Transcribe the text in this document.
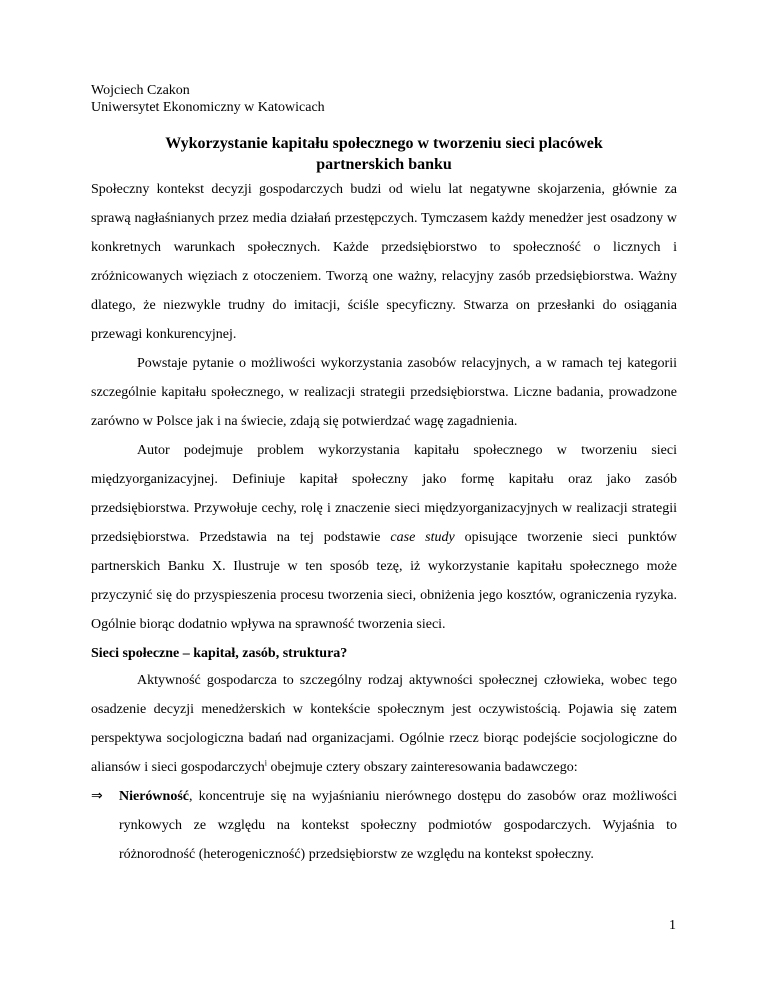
Wojciech Czakon
Uniwersytet Ekonomiczny w Katowicach
Wykorzystanie kapitału społecznego w tworzeniu sieci placówek
partnerskich banku

Społeczny kontekst decyzji gospodarczych budzi od wielu lat negatywne skojarzenia, głównie za sprawą nagłaśnianych przez media działań przestępczych. Tymczasem każdy menedżer jest osadzony w konkretnych warunkach społecznych. Każde przedsiębiorstwo to społeczność o licznych i zróżnicowanych więziach z otoczeniem. Tworzą one ważny, relacyjny zasób przedsiębiorstwa. Ważny dlatego, że niezwykle trudny do imitacji, ściśle specyficzny. Stwarza on przesłanki do osiągania przewagi konkurencyjnej.

Powstaje pytanie o możliwości wykorzystania zasobów relacyjnych, a w ramach tej kategorii szczególnie kapitału społecznego, w realizacji strategii przedsiębiorstwa. Liczne badania, prowadzone zarówno w Polsce jak i na świecie, zdają się potwierdzać wagę zagadnienia.

Autor podejmuje problem wykorzystania kapitału społecznego w tworzeniu sieci międzyorganizacyjnej. Definiuje kapitał społeczny jako formę kapitału oraz jako zasób przedsiębiorstwa. Przywołuje cechy, rolę i znaczenie sieci międzyorganizacyjnych w realizacji strategii przedsiębiorstwa. Przedstawia na tej podstawie case study opisujące tworzenie sieci punktów partnerskich Banku X. Ilustruje w ten sposób tezę, iż wykorzystanie kapitału społecznego może przyczynić się do przyspieszenia procesu tworzenia sieci, obniżenia jego kosztów, ograniczenia ryzyka. Ogólnie biorąc dodatnio wpływa na sprawność tworzenia sieci.

Sieci społeczne – kapitał, zasób, struktura?

Aktywność gospodarcza to szczególny rodzaj aktywności społecznej człowieka, wobec tego osadzenie decyzji menedżerskich w kontekście społecznym jest oczywistością. Pojawia się zatem perspektywa socjologiczna badań nad organizacjami. Ogólnie rzecz biorąc podejście socjologiczne do aliansów i sieci gospodarczych$^i$ obejmuje cztery obszary zainteresowania badawczego:

⇒ Nierówność, koncentruje się na wyjaśnianiu nierównego dostępu do zasobów oraz możliwości rynkowych ze względu na kontekst społeczny podmiotów gospodarczych. Wyjaśnia to różnorodność (heterogeniczność) przedsiębiorstw ze względu na kontekst społeczny.

1
